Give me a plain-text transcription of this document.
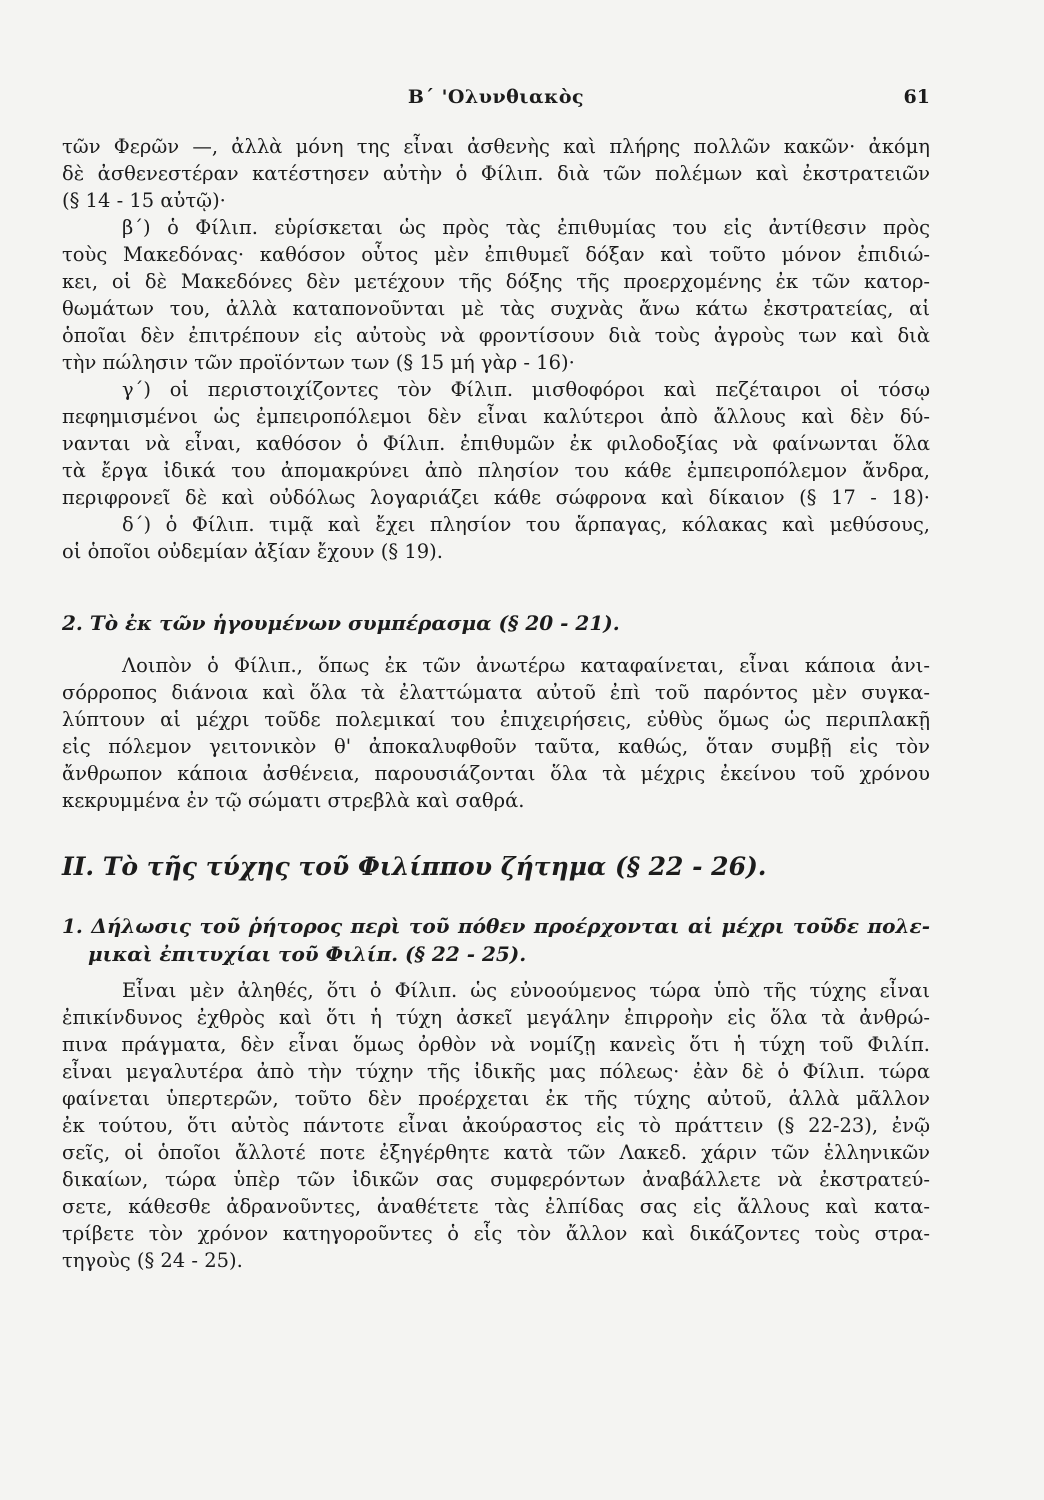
Β΄ 'Ολυνθιακὸς	61
τῶν Φερῶν —, ἀλλὰ μόνη της εἶναι ἀσθενὴς καὶ πλήρης πολλῶν κακῶν· ἀκόμη
δὲ ἀσθενεστέραν κατέστησεν αὐτὴν ὁ Φίλιπ. διὰ τῶν πολέμων καὶ ἐκστρατειῶν
(§ 14 - 15 αὐτῷ)·
β΄) ὁ Φίλιπ. εὑρίσκεται ὡς πρὸς τὰς ἐπιθυμίας του εἰς ἀντίθεσιν πρὸς
τοὺς Μακεδόνας· καθόσον οὗτος μὲν ἐπιθυμεῖ δόξαν καὶ τοῦτο μόνον ἐπιδιώ-
κει, οἱ δὲ Μακεδόνες δὲν μετέχουν τῆς δόξης τῆς προερχομένης ἐκ τῶν κατορ-
θωμάτων του, ἀλλὰ καταπονοῦνται μὲ τὰς συχνὰς ἄνω κάτω ἐκστρατείας, αἱ
ὁποῖαι δὲν ἐπιτρέπουν εἰς αὐτοὺς νὰ φροντίσουν διὰ τοὺς ἀγροὺς των καὶ διὰ
τὴν πώλησιν τῶν προϊόντων των (§ 15 μή γὰρ - 16)·
γ΄) οἱ περιστοιχίζοντες τὸν Φίλιπ. μισθοφόροι καὶ πεζέταιροι οἱ τόσῳ
πεφημισμένοι ὡς ἐμπειροπόλεμοι δὲν εἶναι καλύτεροι ἀπὸ ἄλλους καὶ δὲν δύ-
νανται νὰ εἶναι, καθόσον ὁ Φίλιπ. ἐπιθυμῶν ἐκ φιλοδοξίας νὰ φαίνωνται ὅλα
τὰ ἔργα ἰδικά του ἀπομακρύνει ἀπὸ πλησίον του κάθε ἐμπειροπόλεμον ἄνδρα,
περιφρονεῖ δὲ καὶ οὐδόλως λογαριάζει κάθε σώφρονα καὶ δίκαιον (§ 17 - 18)·
δ΄) ὁ Φίλιπ. τιμᾷ καὶ ἔχει πλησίον του ἅρπαγας, κόλακας καὶ μεθύσους,
οἱ ὁποῖοι οὐδεμίαν ἀξίαν ἔχουν (§ 19).
2. Τὸ ἐκ τῶν ἡγουμένων συμπέρασμα (§ 20 - 21).
Λοιπὸν ὁ Φίλιπ., ὅπως ἐκ τῶν ἀνωτέρω καταφαίνεται, εἶναι κάποια ἀνι-
σόρροπος διάνοια καὶ ὅλα τὰ ἐλαττώματα αὐτοῦ ἐπὶ τοῦ παρόντος μὲν συγκα-
λύπτουν αἱ μέχρι τοῦδε πολεμικαί του ἐπιχειρήσεις, εὐθὺς ὅμως ὡς περιπλακῇ
εἰς πόλεμον γειτονικὸν θ' ἀποκαλυφθοῦν ταῦτα, καθώς, ὅταν συμβῇ εἰς τὸν
ἄνθρωπον κάποια ἀσθένεια, παρουσιάζονται ὅλα τὰ μέχρις ἐκείνου τοῦ χρόνου
κεκρυμμένα ἐν τῷ σώματι στρεβλὰ καὶ σαθρά.
ΙΙ. Τὸ τῆς τύχης τοῦ Φιλίππου ζήτημα (§ 22 - 26).
1. Δήλωσις τοῦ ῥήτορος περὶ τοῦ πόθεν προέρχονται αἱ μέχρι τοῦδε πολε-
μικαὶ ἐπιτυχίαι τοῦ Φιλίπ. (§ 22 - 25).
Εἶναι μὲν ἀληθές, ὅτι ὁ Φίλιπ. ὡς εὐνοούμενος τώρα ὑπὸ τῆς τύχης εἶναι
ἐπικίνδυνος ἐχθρὸς καὶ ὅτι ἡ τύχη ἀσκεῖ μεγάλην ἐπιρροὴν εἰς ὅλα τὰ ἀνθρώ-
πινα πράγματα, δὲν εἶναι ὅμως ὀρθὸν νὰ νομίζῃ κανεὶς ὅτι ἡ τύχη τοῦ Φιλίπ.
εἶναι μεγαλυτέρα ἀπὸ τὴν τύχην τῆς ἰδικῆς μας πόλεως· ἐὰν δὲ ὁ Φίλιπ. τώρα
φαίνεται ὑπερτερῶν, τοῦτο δὲν προέρχεται ἐκ τῆς τύχης αὐτοῦ, ἀλλὰ μᾶλλον
ἐκ τούτου, ὅτι αὐτὸς πάντοτε εἶναι ἀκούραστος εἰς τὸ πράττειν (§ 22-23), ἐνῷ
σεῖς, οἱ ὁποῖοι ἄλλοτέ ποτε ἐξηγέρθητε κατὰ τῶν Λακεδ. χάριν τῶν ἑλληνικῶν
δικαίων, τώρα ὑπὲρ τῶν ἰδικῶν σας συμφερόντων ἀναβάλλετε νὰ ἐκστρατεύ-
σετε, κάθεσθε ἀδρανοῦντες, ἀναθέτετε τὰς ἐλπίδας σας εἰς ἄλλους καὶ κατα-
τρίβετε τὸν χρόνον κατηγοροῦντες ὁ εἷς τὸν ἄλλον καὶ δικάζοντες τοὺς στρα-
τηγοὺς (§ 24 - 25).
